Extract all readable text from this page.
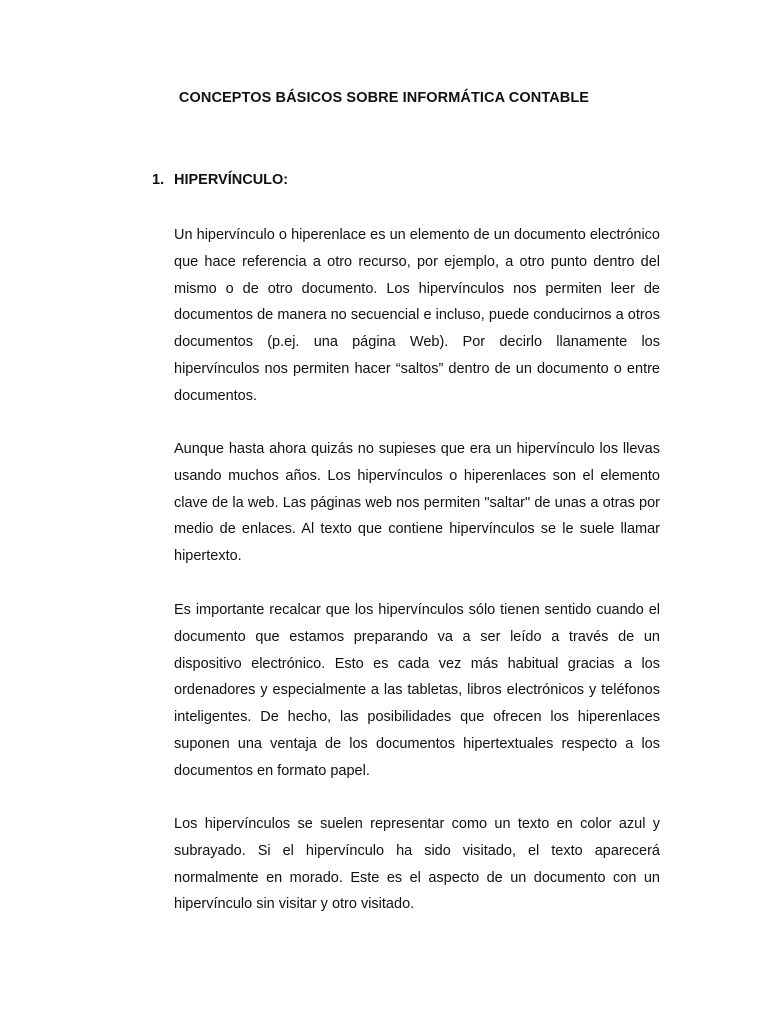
CONCEPTOS BÁSICOS SOBRE INFORMÁTICA CONTABLE
1. HIPERVÍNCULO:

Un hipervínculo o hiperenlace es un elemento de un documento electrónico que hace referencia a otro recurso, por ejemplo, a otro punto dentro del mismo o de otro documento. Los hipervínculos nos permiten leer de documentos de manera no secuencial e incluso, puede conducirnos a otros documentos (p.ej. una página Web). Por decirlo llanamente los hipervínculos nos permiten hacer “saltos” dentro de un documento o entre documentos.

Aunque hasta ahora quizás no supieses que era un hipervínculo los llevas usando muchos años. Los hipervínculos o hiperenlaces son el elemento clave de la web. Las páginas web nos permiten "saltar" de unas a otras por medio de enlaces. Al texto que contiene hipervínculos se le suele llamar hipertexto.

Es importante recalcar que los hipervínculos sólo tienen sentido cuando el documento que estamos preparando va a ser leído a través de un dispositivo electrónico. Esto es cada vez más habitual gracias a los ordenadores y especialmente a las tabletas, libros electrónicos y teléfonos inteligentes. De hecho, las posibilidades que ofrecen los hiperenlaces suponen una ventaja de los documentos hipertextuales respecto a los documentos en formato papel.

Los hipervínculos se suelen representar como un texto en color azul y subrayado. Si el hipervínculo ha sido visitado, el texto aparecerá normalmente en morado. Este es el aspecto de un documento con un hipervínculo sin visitar y otro visitado.
